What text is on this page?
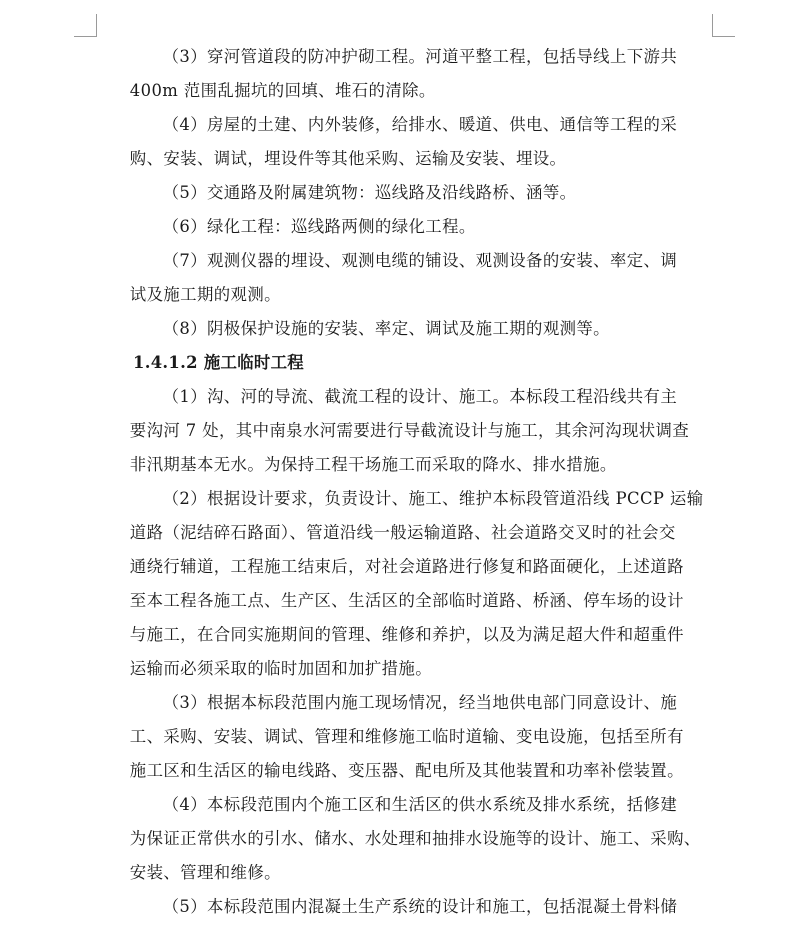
（3）穿河管道段的防冲护砌工程。河道平整工程，包括导线上下游共
400m 范围乱掘坑的回填、堆石的清除。

（4）房屋的土建、内外装修，给排水、暖道、供电、通信等工程的采
购、安装、调试，埋设件等其他采购、运输及安装、埋设。

（5）交通路及附属建筑物：巡线路及沿线路桥、涵等。

（6）绿化工程：巡线路两侧的绿化工程。

（7）观测仪器的埋设、观测电缆的铺设、观测设备的安装、率定、调
试及施工期的观测。

（8）阴极保护设施的安装、率定、调试及施工期的观测等。

1.4.1.2 施工临时工程

（1）沟、河的导流、截流工程的设计、施工。本标段工程沿线共有主
要沟河 7 处，其中南泉水河需要进行导截流设计与施工，其余河沟现状调查
非汛期基本无水。为保持工程干场施工而采取的降水、排水措施。

（2）根据设计要求，负责设计、施工、维护本标段管道沿线 PCCP 运输
道路（泥结碎石路面）、管道沿线一般运输道路、社会道路交叉时的社会交
通绕行辅道，工程施工结束后，对社会道路进行修复和路面硬化，上述道路
至本工程各施工点、生产区、生活区的全部临时道路、桥涵、停车场的设计
与施工，在合同实施期间的管理、维修和养护，以及为满足超大件和超重件
运输而必须采取的临时加固和加扩措施。

（3）根据本标段范围内施工现场情况，经当地供电部门同意设计、施
工、采购、安装、调试、管理和维修施工临时道输、变电设施，包括至所有
施工区和生活区的输电线路、变压器、配电所及其他装置和功率补偿装置。

（4）本标段范围内个施工区和生活区的供水系统及排水系统，括修建
为保证正常供水的引水、储水、水处理和抽排水设施等的设计、施工、采购、
安装、管理和维修。

（5）本标段范围内混凝土生产系统的设计和施工，包括混凝土骨料储
